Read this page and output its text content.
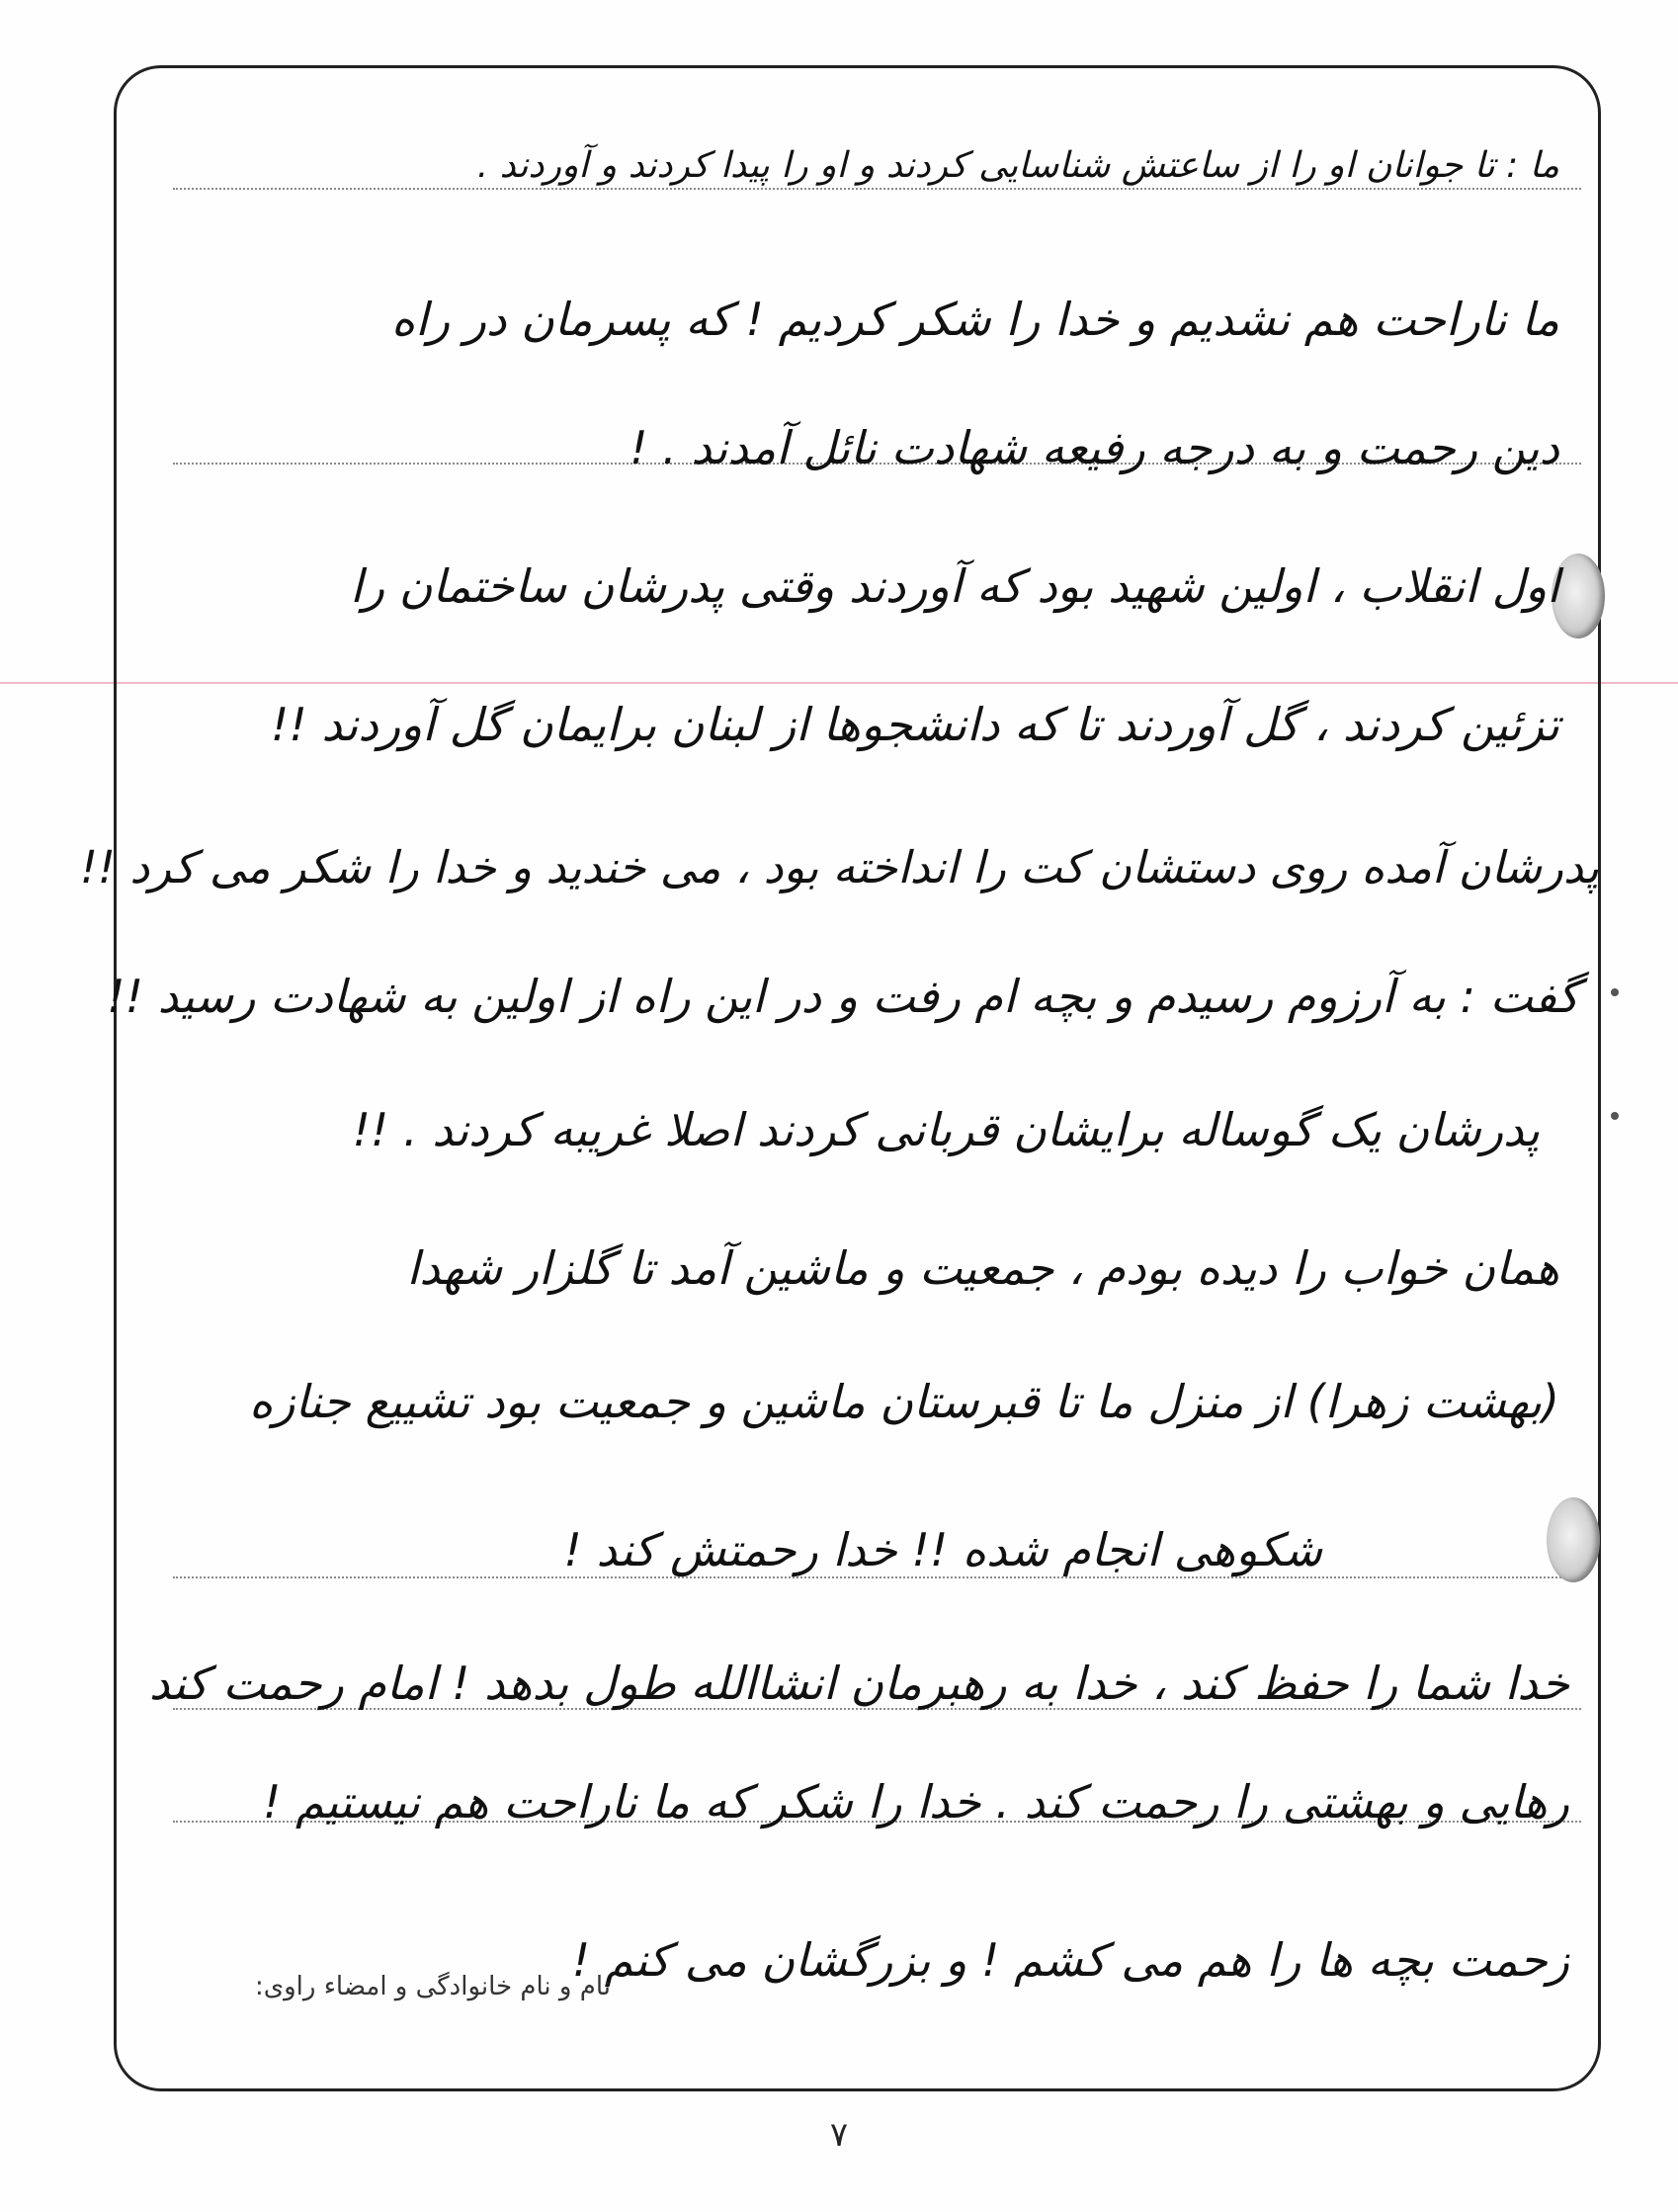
ما : تا جوانان او را از ساعتش شناسایی کردند و او را پیدا کردند و آوردند .
ما ناراحت هم نشدیم و خدا را شکر کردیم ! که پسرمان در راه
دین رحمت و به درجه رفیعه شهادت نائل آمدند . !
اول انقلاب ، اولین شهید بود که آوردند وقتی پدرشان ساختمان را
تزئین کردند ، گل آوردند تا که دانشجوها از لبنان برایمان گل آوردند !!
پدرشان آمده روی دستشان کت را انداخته بود ، می خندید و خدا را شکر می کرد !!
گفت : به آرزوم رسیدم و بچه ام رفت و در این راه از اولین به شهادت رسید !!
پدرشان یک گوساله برایشان قربانی کردند اصلا غریبه کردند . !!
همان خواب را دیده بودم ، جمعیت و ماشین آمد تا گلزار شهدا
(بهشت زهرا) از منزل ما تا قبرستان ماشین و جمعیت بود تشییع جنازه
شکوهی انجام شده !! خدا رحمتش کند !
خدا شما را حفظ کند ، خدا به رهبرمان انشاالله طول بدهد ! امام رحمت کند
رهایی و بهشتی را رحمت کند . خدا را شکر که ما ناراحت هم نیستیم !
زحمت بچه ها را هم می کشم ! و بزرگشان می کنم !
نام و نام خانوادگی و امضاء راوی:
۷
